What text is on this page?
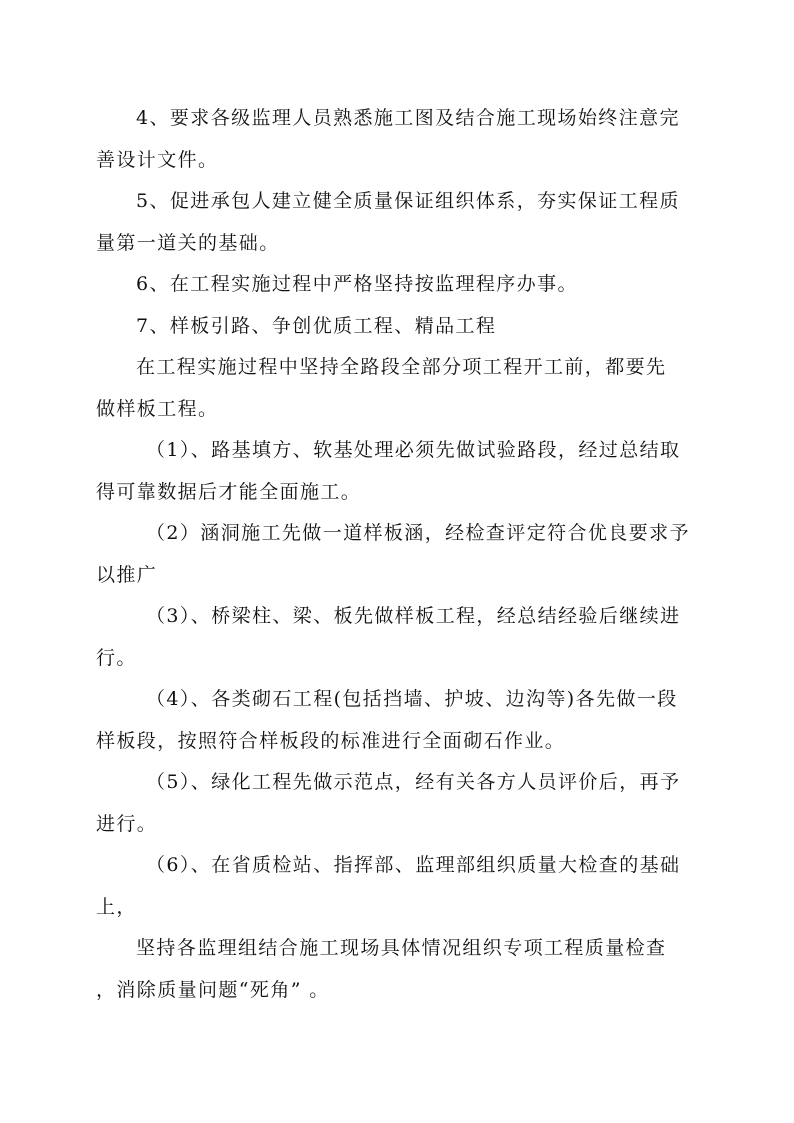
4、要求各级监理人员熟悉施工图及结合施工现场始终注意完
善设计文件。
5、促进承包人建立健全质量保证组织体系，夯实保证工程质
量第一道关的基础。
6、在工程实施过程中严格坚持按监理程序办事。
7、样板引路、争创优质工程、精品工程
在工程实施过程中坚持全路段全部分项工程开工前，都要先
做样板工程。
（1）、路基填方、软基处理必须先做试验路段，经过总结取
得可靠数据后才能全面施工。
（2）涵洞施工先做一道样板涵，经检查评定符合优良要求予
以推广
（3）、桥梁柱、梁、板先做样板工程，经总结经验后继续进
行。
（4）、各类砌石工程(包括挡墙、护坡、边沟等)各先做一段
样板段，按照符合样板段的标准进行全面砌石作业。
（5）、绿化工程先做示范点，经有关各方人员评价后，再予
进行。
（6）、在省质检站、指挥部、监理部组织质量大检查的基础
上，
坚持各监理组结合施工现场具体情况组织专项工程质量检查
，消除质量问题“死角” 。
